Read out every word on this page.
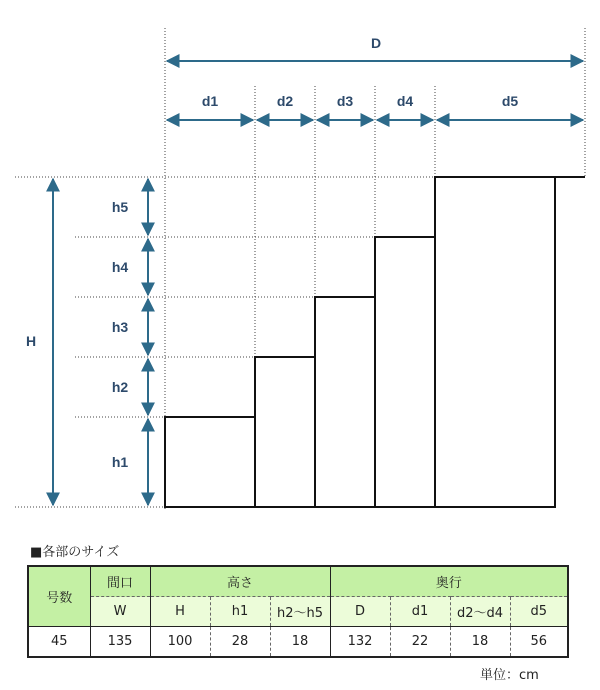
D
d1	d2	d3	d4	d5
H
h5
h4
h3
h2
h1
■各部のサイズ
号数	間口	高さ			奥行			
	W	H	h1	h2〜h5	D	d1	d2〜d4	d5
45	135	100	28	18	132	22	18	56
単位：cm
